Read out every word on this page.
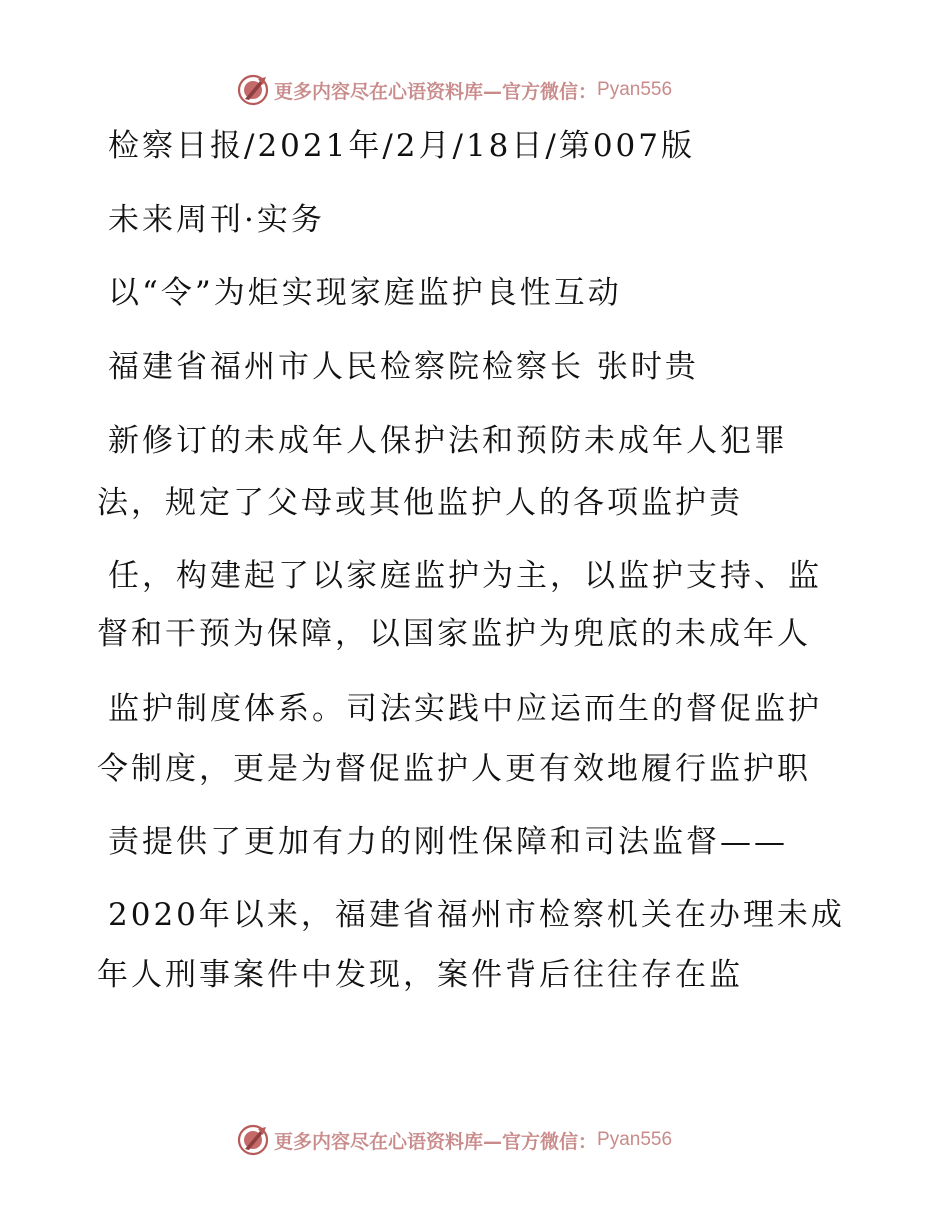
更多内容尽在心语资料库—官方微信： Pyan556

检察日报/2021年/2月/18日/第007版

未来周刊·实务

以“令”为炬实现家庭监护良性互动

福建省福州市人民检察院检察长 张时贵

新修订的未成年人保护法和预防未成年人犯罪

法，规定了父母或其他监护人的各项监护责

任，构建起了以家庭监护为主，以监护支持、监

督和干预为保障，以国家监护为兜底的未成年人

监护制度体系。司法实践中应运而生的督促监护

令制度，更是为督促监护人更有效地履行监护职

责提供了更加有力的刚性保障和司法监督——

2020年以来，福建省福州市检察机关在办理未成

年人刑事案件中发现，案件背后往往存在监

更多内容尽在心语资料库—官方微信： Pyan556
